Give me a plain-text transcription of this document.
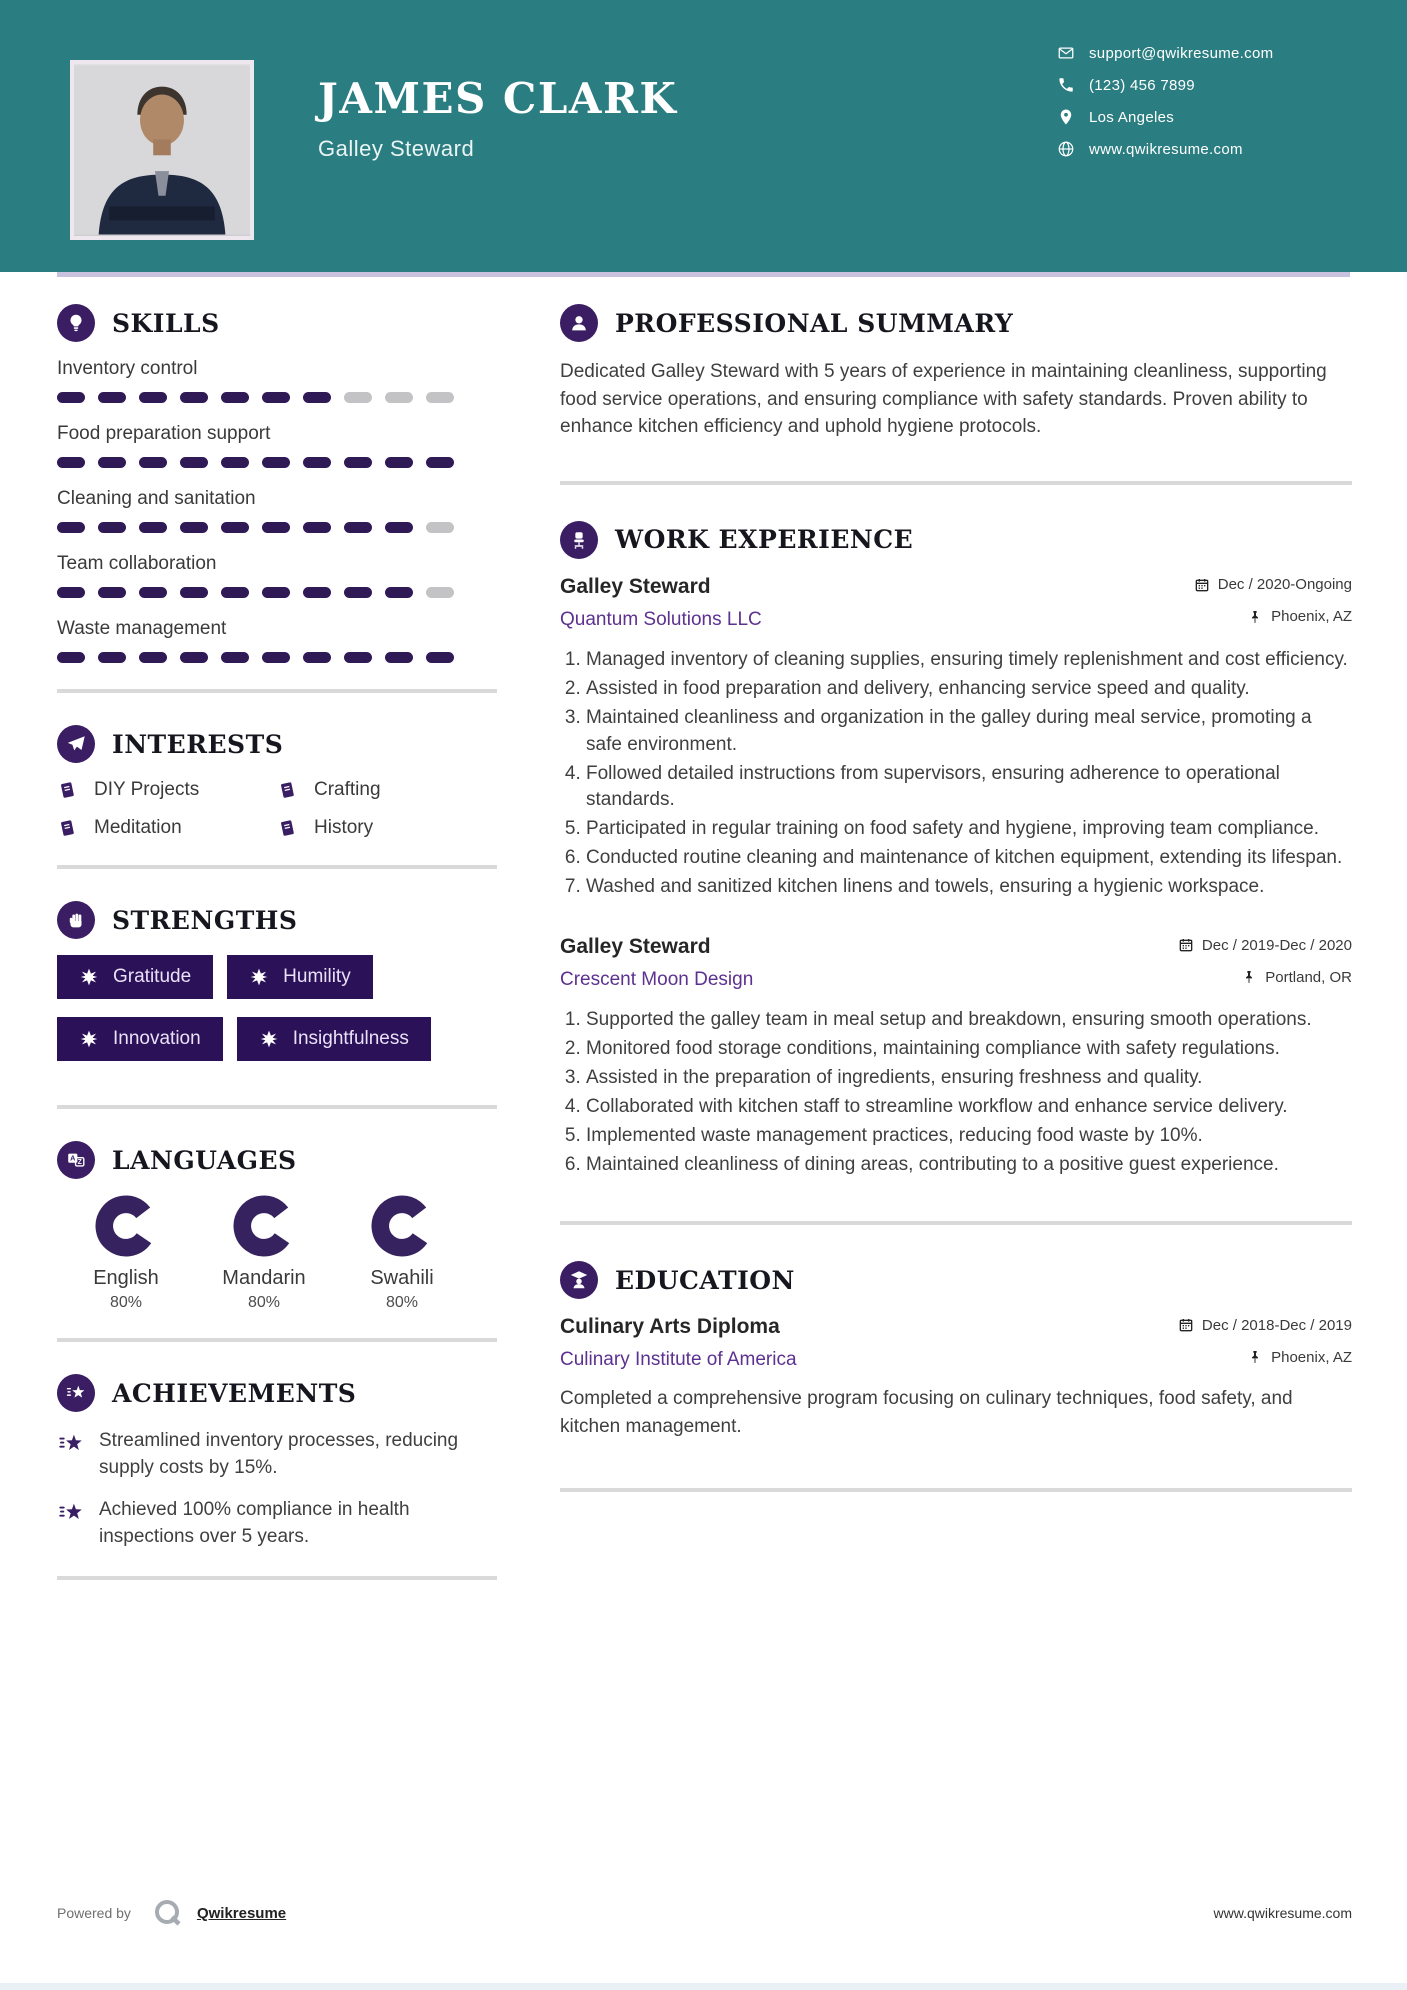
JAMES CLARK
Galley Steward
support@qwikresume.com
(123) 456 7899
Los Angeles
www.qwikresume.com
SKILLS
Inventory control
Food preparation support
Cleaning and sanitation
Team collaboration
Waste management
INTERESTS
DIY Projects	Crafting
Meditation	History
STRENGTHS
Gratitude	Humility

Innovation	Insightfulness
A Z LANGUAGES
English
80%
Mandarin
80%
Swahili
80%
ACHIEVEMENTS
Streamlined inventory processes, reducing supply costs by 15%.
Achieved 100% compliance in health inspections over 5 years.
PROFESSIONAL SUMMARY
Dedicated Galley Steward with 5 years of experience in maintaining cleanliness, supporting food service operations, and ensuring compliance with safety standards. Proven ability to enhance kitchen efficiency and uphold hygiene protocols.
WORK EXPERIENCE
Galley Steward	Dec / 2020-Ongoing
Quantum Solutions LLC	Phoenix, AZ
1. Managed inventory of cleaning supplies, ensuring timely replenishment and cost efficiency.
2. Assisted in food preparation and delivery, enhancing service speed and quality.
3. Maintained cleanliness and organization in the galley during meal service, promoting a safe environment.
4. Followed detailed instructions from supervisors, ensuring adherence to operational standards.
5. Participated in regular training on food safety and hygiene, improving team compliance.
6. Conducted routine cleaning and maintenance of kitchen equipment, extending its lifespan.
7. Washed and sanitized kitchen linens and towels, ensuring a hygienic workspace.
Galley Steward	Dec / 2019-Dec / 2020
Crescent Moon Design	Portland, OR
1. Supported the galley team in meal setup and breakdown, ensuring smooth operations.
2. Monitored food storage conditions, maintaining compliance with safety regulations.
3. Assisted in the preparation of ingredients, ensuring freshness and quality.
4. Collaborated with kitchen staff to streamline workflow and enhance service delivery.
5. Implemented waste management practices, reducing food waste by 10%.
6. Maintained cleanliness of dining areas, contributing to a positive guest experience.
EDUCATION
Culinary Arts Diploma	Dec / 2018-Dec / 2019
Culinary Institute of America	Phoenix, AZ
Completed a comprehensive program focusing on culinary techniques, food safety, and kitchen management.
Powered by	Qwikresume	www.qwikresume.com
